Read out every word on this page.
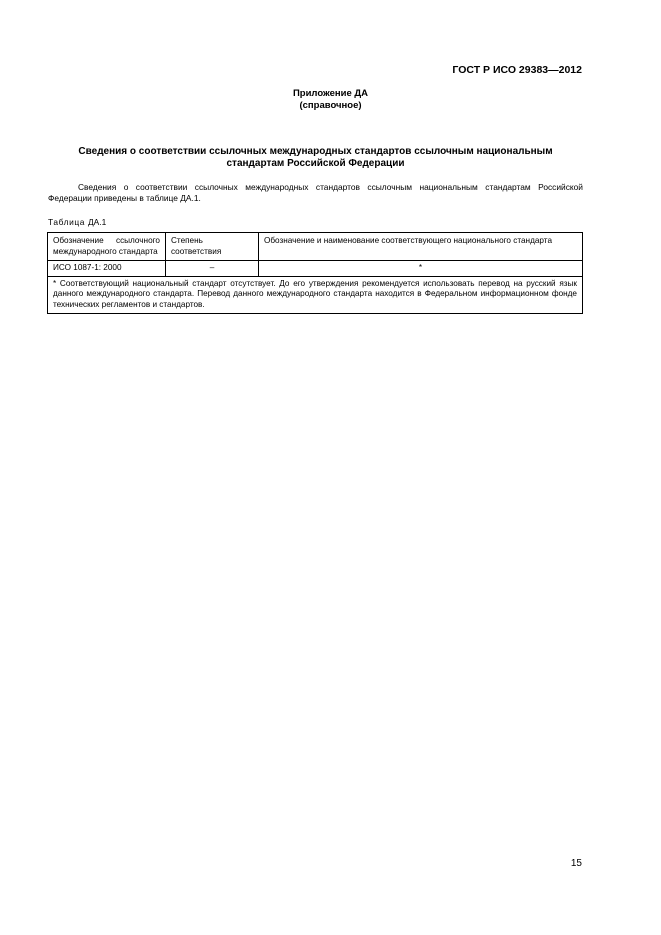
ГОСТ Р ИСО 29383—2012
Приложение ДА
(справочное)
Сведения о соответствии ссылочных международных стандартов ссылочным национальным
стандартам Российской Федерации
Сведения о соответствии ссылочных международных стандартов ссылочным национальным стандартам Российской Федерации приведены в таблице ДА.1.
Таблица ДА.1
Обозначение ссылочного международного стандарта	Степень соответствия	Обозначение и наименование соответствующего национального стандарта
ИСО 1087-1: 2000	–	*
* Соответствующий национальный стандарт отсутствует. До его утверждения рекомендуется использовать перевод на русский язык данного международного стандарта. Перевод данного международного стандарта находится в Федеральном информационном фонде технических регламентов и стандартов.		
15
